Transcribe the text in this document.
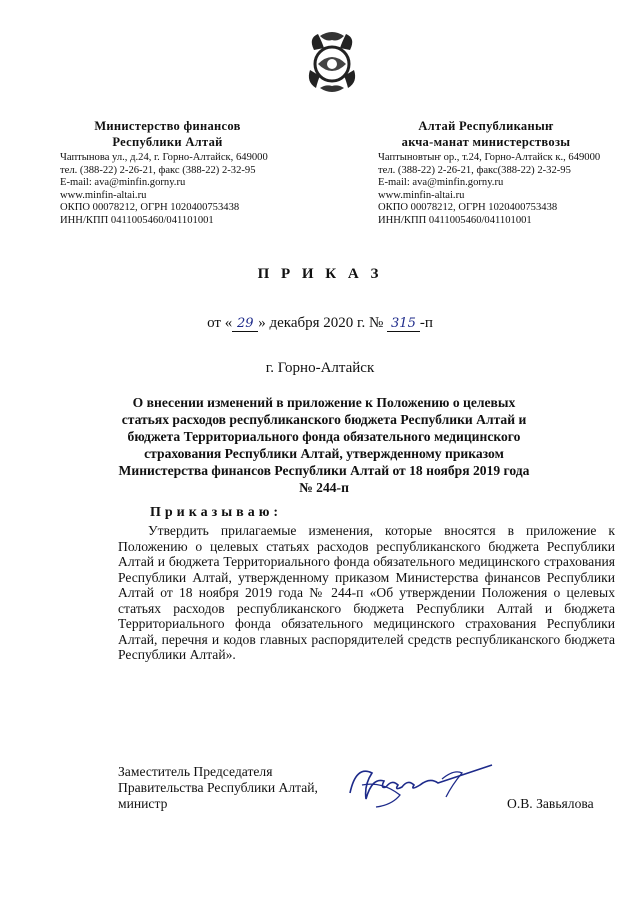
Министерство финансов
Республики Алтай
Алтай Республиканыҥ
акча-манат министерствозы
Чаптынова ул., д.24, г. Горно-Алтайск, 649000
тел. (388-22) 2-26-21, факс (388-22) 2-32-95
E-mail: ava@minfin.gorny.ru
www.minfin-altai.ru
ОКПО 00078212, ОГРН 1020400753438
ИНН/КПП 0411005460/041101001
Чаптыновтыҥ ор., т.24, Горно-Алтайск к., 649000
тел. (388-22) 2-26-21, факс(388-22) 2-32-95
E-mail: ava@minfin.gorny.ru
www.minfin-altai.ru
ОКПО 00078212, ОГРН 1020400753438
ИНН/КПП 0411005460/041101001
П Р И К А З
от « 29 » декабря 2020 г. № 315 -п
г. Горно-Алтайск
О внесении изменений в приложение к Положению о целевых статьях расходов республиканского бюджета Республики Алтай и бюджета Территориального фонда обязательного медицинского страхования Республики Алтай, утвержденному приказом Министерства финансов Республики Алтай от 18 ноября 2019 года № 244-п
Приказываю:
Утвердить прилагаемые изменения, которые вносятся в приложение к Положению о целевых статьях расходов республиканского бюджета Республики Алтай и бюджета Территориального фонда обязательного медицинского страхования Республики Алтай, утвержденному приказом Министерства финансов Республики Алтай от 18 ноября 2019 года № 244-п «Об утверждении Положения о целевых статьях расходов республиканского бюджета Республики Алтай и бюджета Территориального фонда обязательного медицинского страхования Республики Алтай, перечня и кодов главных распорядителей средств республиканского бюджета Республики Алтай».
Заместитель Председателя
Правительства Республики Алтай,
министр	О.В. Завьялова
